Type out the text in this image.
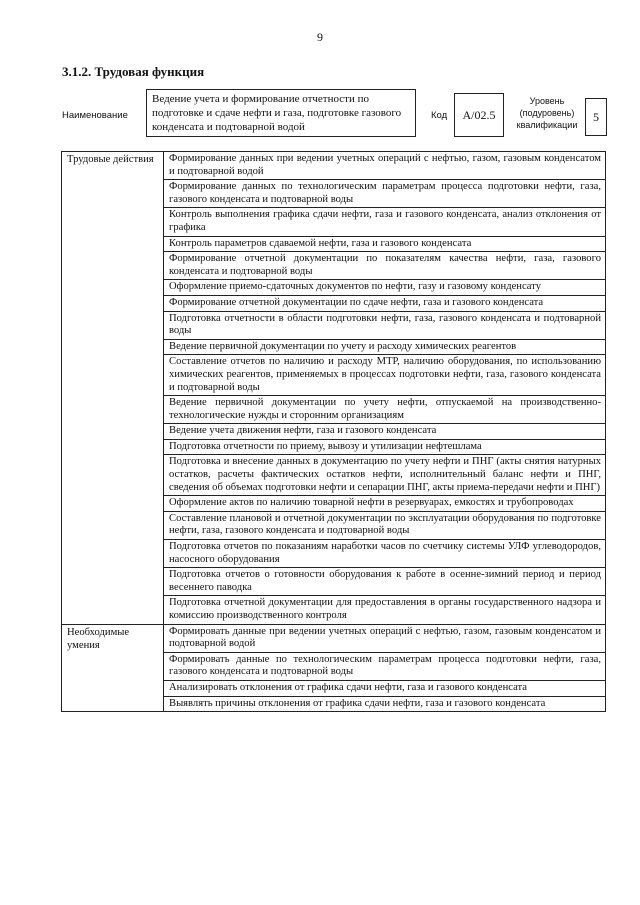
9
3.1.2. Трудовая функция
Наименование
Ведение учета и формирование отчетности по подготовке и сдаче нефти и газа, подготовке газового конденсата и подтоварной водой
Код	А/02.5
Уровень (подуровень) квалификации
5
Трудовые действия	Формирование данных при ведении учетных операций с нефтью, газом, газовым конденсатом и подтоварной водой
	Формирование данных по технологическим параметрам процесса подготовки нефти, газа, газового конденсата и подтоварной воды
	Контроль выполнения графика сдачи нефти, газа и газового конденсата, анализ отклонения от графика
	Контроль параметров сдаваемой нефти, газа и газового конденсата
	Формирование отчетной документации по показателям качества нефти, газа, газового конденсата и подтоварной воды
	Оформление приемо-сдаточных документов по нефти, газу и газовому конденсату
	Формирование отчетной документации по сдаче нефти, газа и газового конденсата
	Подготовка отчетности в области подготовки нефти, газа, газового конденсата и подтоварной воды
	Ведение первичной документации по учету и расходу химических реагентов
	Составление отчетов по наличию и расходу МТР, наличию оборудования, по использованию химических реагентов, применяемых в процессах подготовки нефти, газа, газового конденсата и подтоварной воды
	Ведение первичной документации по учету нефти, отпускаемой на производственно-технологические нужды и сторонним организациям
	Ведение учета движения нефти, газа и газового конденсата
	Подготовка отчетности по приему, вывозу и утилизации нефтешлама
	Подготовка и внесение данных в документацию по учету нефти и ПНГ (акты снятия натурных остатков, расчеты фактических остатков нефти, исполнительный баланс нефти и ПНГ, сведения об объемах подготовки нефти и сепарации ПНГ, акты приема-передачи нефти и ПНГ)
	Оформление актов по наличию товарной нефти в резервуарах, емкостях и трубопроводах
	Составление плановой и отчетной документации по эксплуатации оборудования по подготовке нефти, газа, газового конденсата и подтоварной воды
	Подготовка отчетов по показаниям наработки часов по счетчику системы УЛФ углеводородов, насосного оборудования
	Подготовка отчетов о готовности оборудования к работе в осенне-зимний период и период весеннего паводка
	Подготовка отчетной документации для предоставления в органы государственного надзора и комиссию производственного контроля
Необходимые умения	Формировать данные при ведении учетных операций с нефтью, газом, газовым конденсатом и подтоварной водой
	Формировать данные по технологическим параметрам процесса подготовки нефти, газа, газового конденсата и подтоварной воды
	Анализировать отклонения от графика сдачи нефти, газа и газового конденсата
	Выявлять причины отклонения от графика сдачи нефти, газа и газового конденсата
